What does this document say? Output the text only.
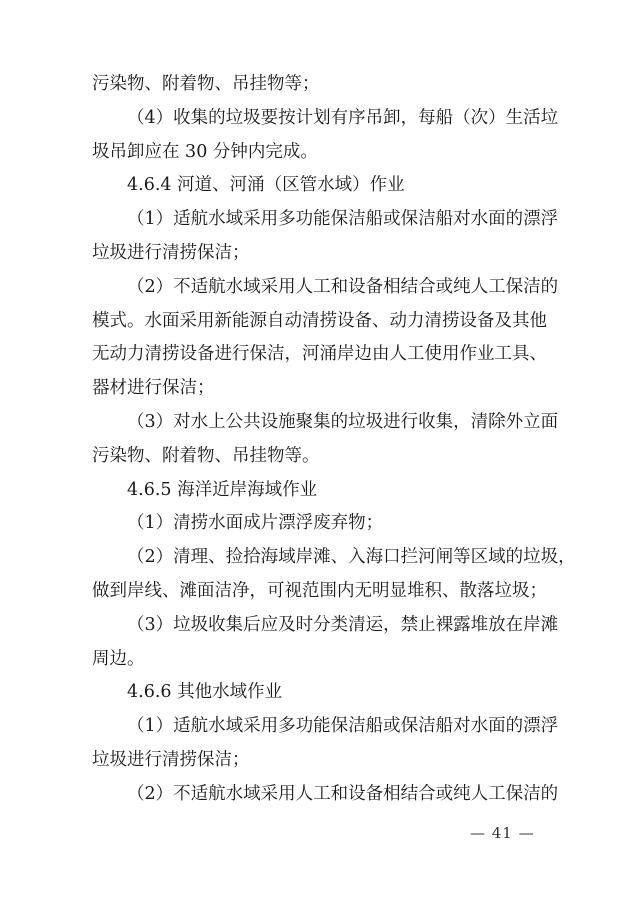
污染物、附着物、吊挂物等；
（4）收集的垃圾要按计划有序吊卸，每船（次）生活垃
圾吊卸应在 30 分钟内完成。
4.6.4 河道、河涌（区管水域）作业
（1）适航水域采用多功能保洁船或保洁船对水面的漂浮
垃圾进行清捞保洁；
（2）不适航水域采用人工和设备相结合或纯人工保洁的
模式。水面采用新能源自动清捞设备、动力清捞设备及其他
无动力清捞设备进行保洁，河涌岸边由人工使用作业工具、
器材进行保洁；
（3）对水上公共设施聚集的垃圾进行收集，清除外立面
污染物、附着物、吊挂物等。
4.6.5 海洋近岸海域作业
（1）清捞水面成片漂浮废弃物；
（2）清理、捡拾海域岸滩、入海口拦河闸等区域的垃圾，
做到岸线、滩面洁净，可视范围内无明显堆积、散落垃圾；
（3）垃圾收集后应及时分类清运，禁止裸露堆放在岸滩
周边。
4.6.6 其他水域作业
（1）适航水域采用多功能保洁船或保洁船对水面的漂浮
垃圾进行清捞保洁；
（2）不适航水域采用人工和设备相结合或纯人工保洁的
— 41 —
